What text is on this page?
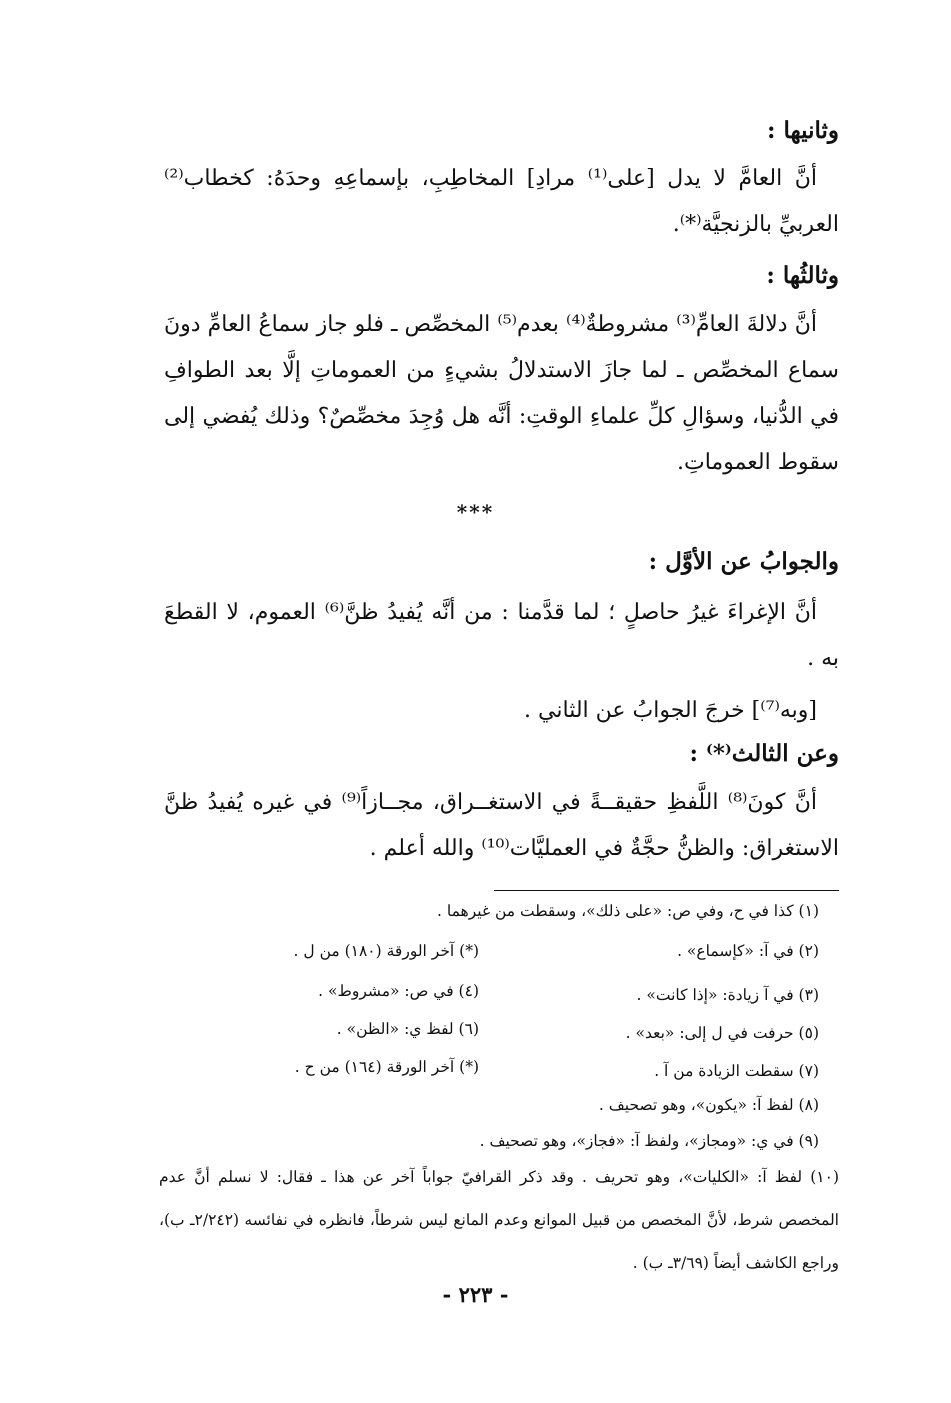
وثانيها :
أنَّ العامَّ لا يدل [على⁽¹⁾ مرادِ] المخاطِبِ، بإسماعِهِ وحدَهُ: كخطاب⁽²⁾ العربيِّ بالزنجيَّة⁽*⁾.
وثالثُها :
أنَّ دلالةَ العامِّ⁽³⁾ مشروطةٌ⁽⁴⁾ بعدم⁽⁵⁾ المخصِّص ـ فلو جاز سماعُ العامِّ دونَ سماع المخصِّص ـ لما جازَ الاستدلالُ بشيءٍ من العموماتِ إلَّا بعد الطوافِ في الدُّنيا، وسؤالِ كلِّ علماءِ الوقتِ: أنَّه هل وُجِدَ مخصِّصٌ؟ وذلك يُفضي إلى سقوط العموماتِ.
***
والجوابُ عن الأوَّل :
أنَّ الإغراءَ غيرُ حاصلٍ ؛ لما قدَّمنا : من أنَّه يُفيدُ ظنَّ⁽⁶⁾ العموم، لا القطعَ به .
[وبه⁽⁷⁾] خرجَ الجوابُ عن الثاني .
وعن الثالث⁽*⁾ :
أنَّ كونَ⁽⁸⁾ اللَّفظِ حقيقــةً في الاستغــراق، مجــازاً⁽⁹⁾ في غيره يُفيدُ ظنَّ الاستغراق: والظنُّ حجَّةٌ في العمليَّات⁽¹⁰⁾ والله أعلم .
(١) كذا في ح، وفي ص: «على ذلك»، وسقطت من غيرهما .
(٢) في آ: «كإسماع» .
(*) آخر الورقة (١٨٠) من ل .
(٣) في آ زيادة: «إذا كانت» .
(٤) في ص: «مشروط» .
(٥) حرفت في ل إلى: «بعد» .
(٦) لفظ ي: «الظن» .
(٧) سقطت الزيادة من آ .
(*) آخر الورقة (١٦٤) من ح .
(٨) لفظ آ: «يكون»، وهو تصحيف .
(٩) في ي: «ومجاز»، ولفظ آ: «فجاز»، وهو تصحيف .
(١٠) لفظ آ: «الكليات»، وهو تحريف . وقد ذكر القرافيّ جواباً آخر عن هذا ـ فقال: لا نسلم أنَّ عدم المخصص شرط، لأنَّ المخصص من قبيل الموانع وعدم المانع ليس شرطاً، فانظره في نفائسه (٢/٢٤٢ـ ب)، وراجع الكاشف أيضاً (٣/٦٩ـ ب) .
- ٢٢٣ -
